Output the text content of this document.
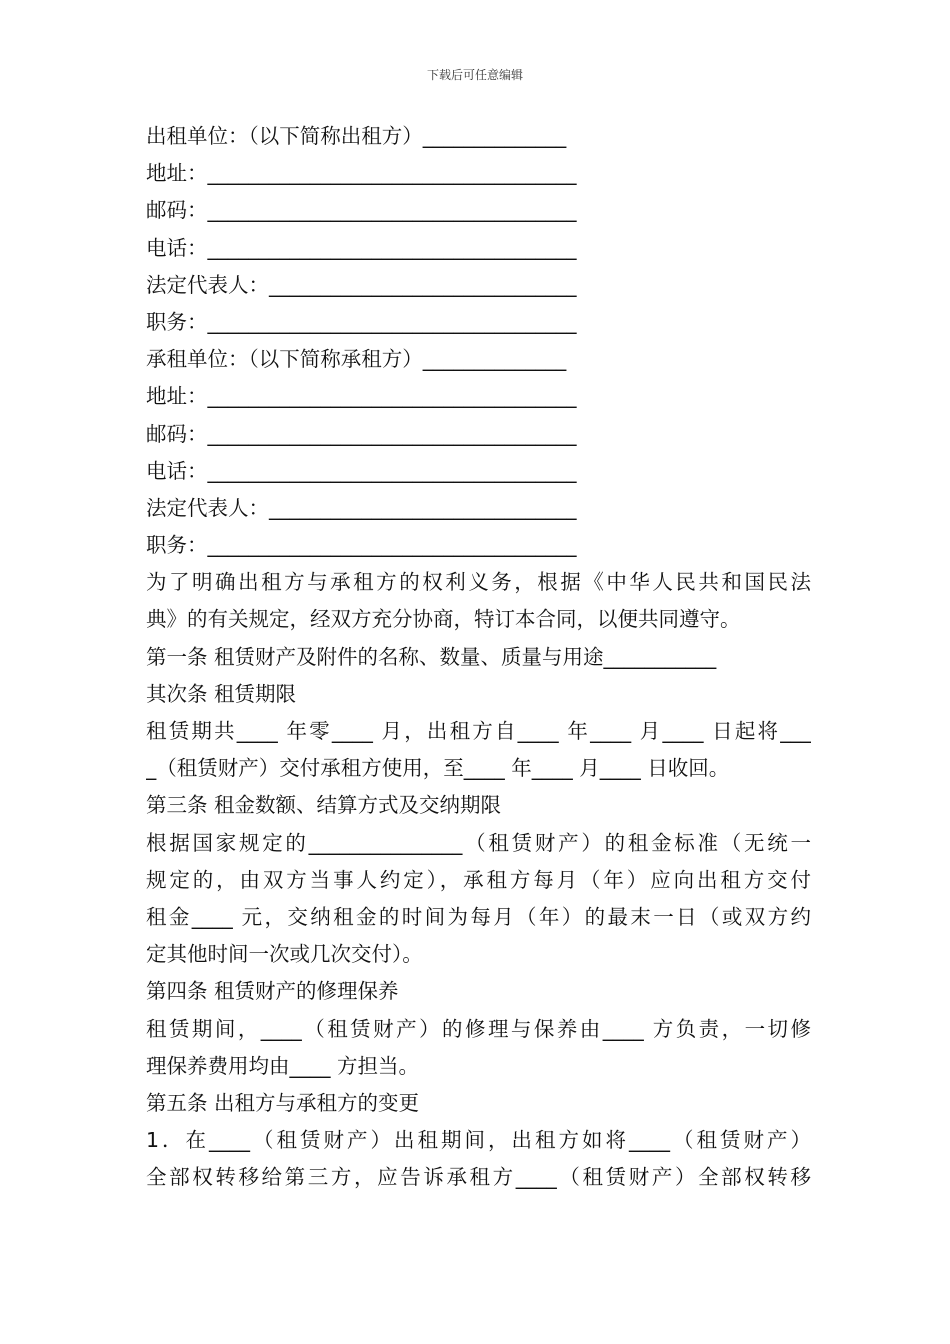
下载后可任意编辑
出租单位：（以下简称出租方）______________
地址：____________________________________
邮码：____________________________________
电话：____________________________________
法定代表人：______________________________
职务：____________________________________
承租单位：（以下简称承租方）______________
地址：____________________________________
邮码：____________________________________
电话：____________________________________
法定代表人：______________________________
职务：____________________________________
为了明确出租方与承租方的权利义务，根据《中华人民共和国民法
典》的有关规定，经双方充分协商，特订本合同，以便共同遵守。
第一条 租赁财产及附件的名称、数量、质量与用途___________
其次条 租赁期限
租赁期共____ 年零____ 月，出租方自____ 年____ 月____ 日起将___
_（租赁财产）交付承租方使用，至____ 年____ 月____ 日收回。
第三条 租金数额、结算方式及交纳期限
根据国家规定的_______________（租赁财产）的租金标准（无统一
规定的，由双方当事人约定），承租方每月（年）应向出租方交付
租金____ 元，交纳租金的时间为每月（年）的最末一日（或双方约
定其他时间一次或几次交付）。
第四条 租赁财产的修理保养
租赁期间，____（租赁财产）的修理与保养由____ 方负责，一切修
理保养费用均由____ 方担当。
第五条 出租方与承租方的变更
1．在____（租赁财产）出租期间，出租方如将____（租赁财产）
全部权转移给第三方，应告诉承租方____（租赁财产）全部权转移
